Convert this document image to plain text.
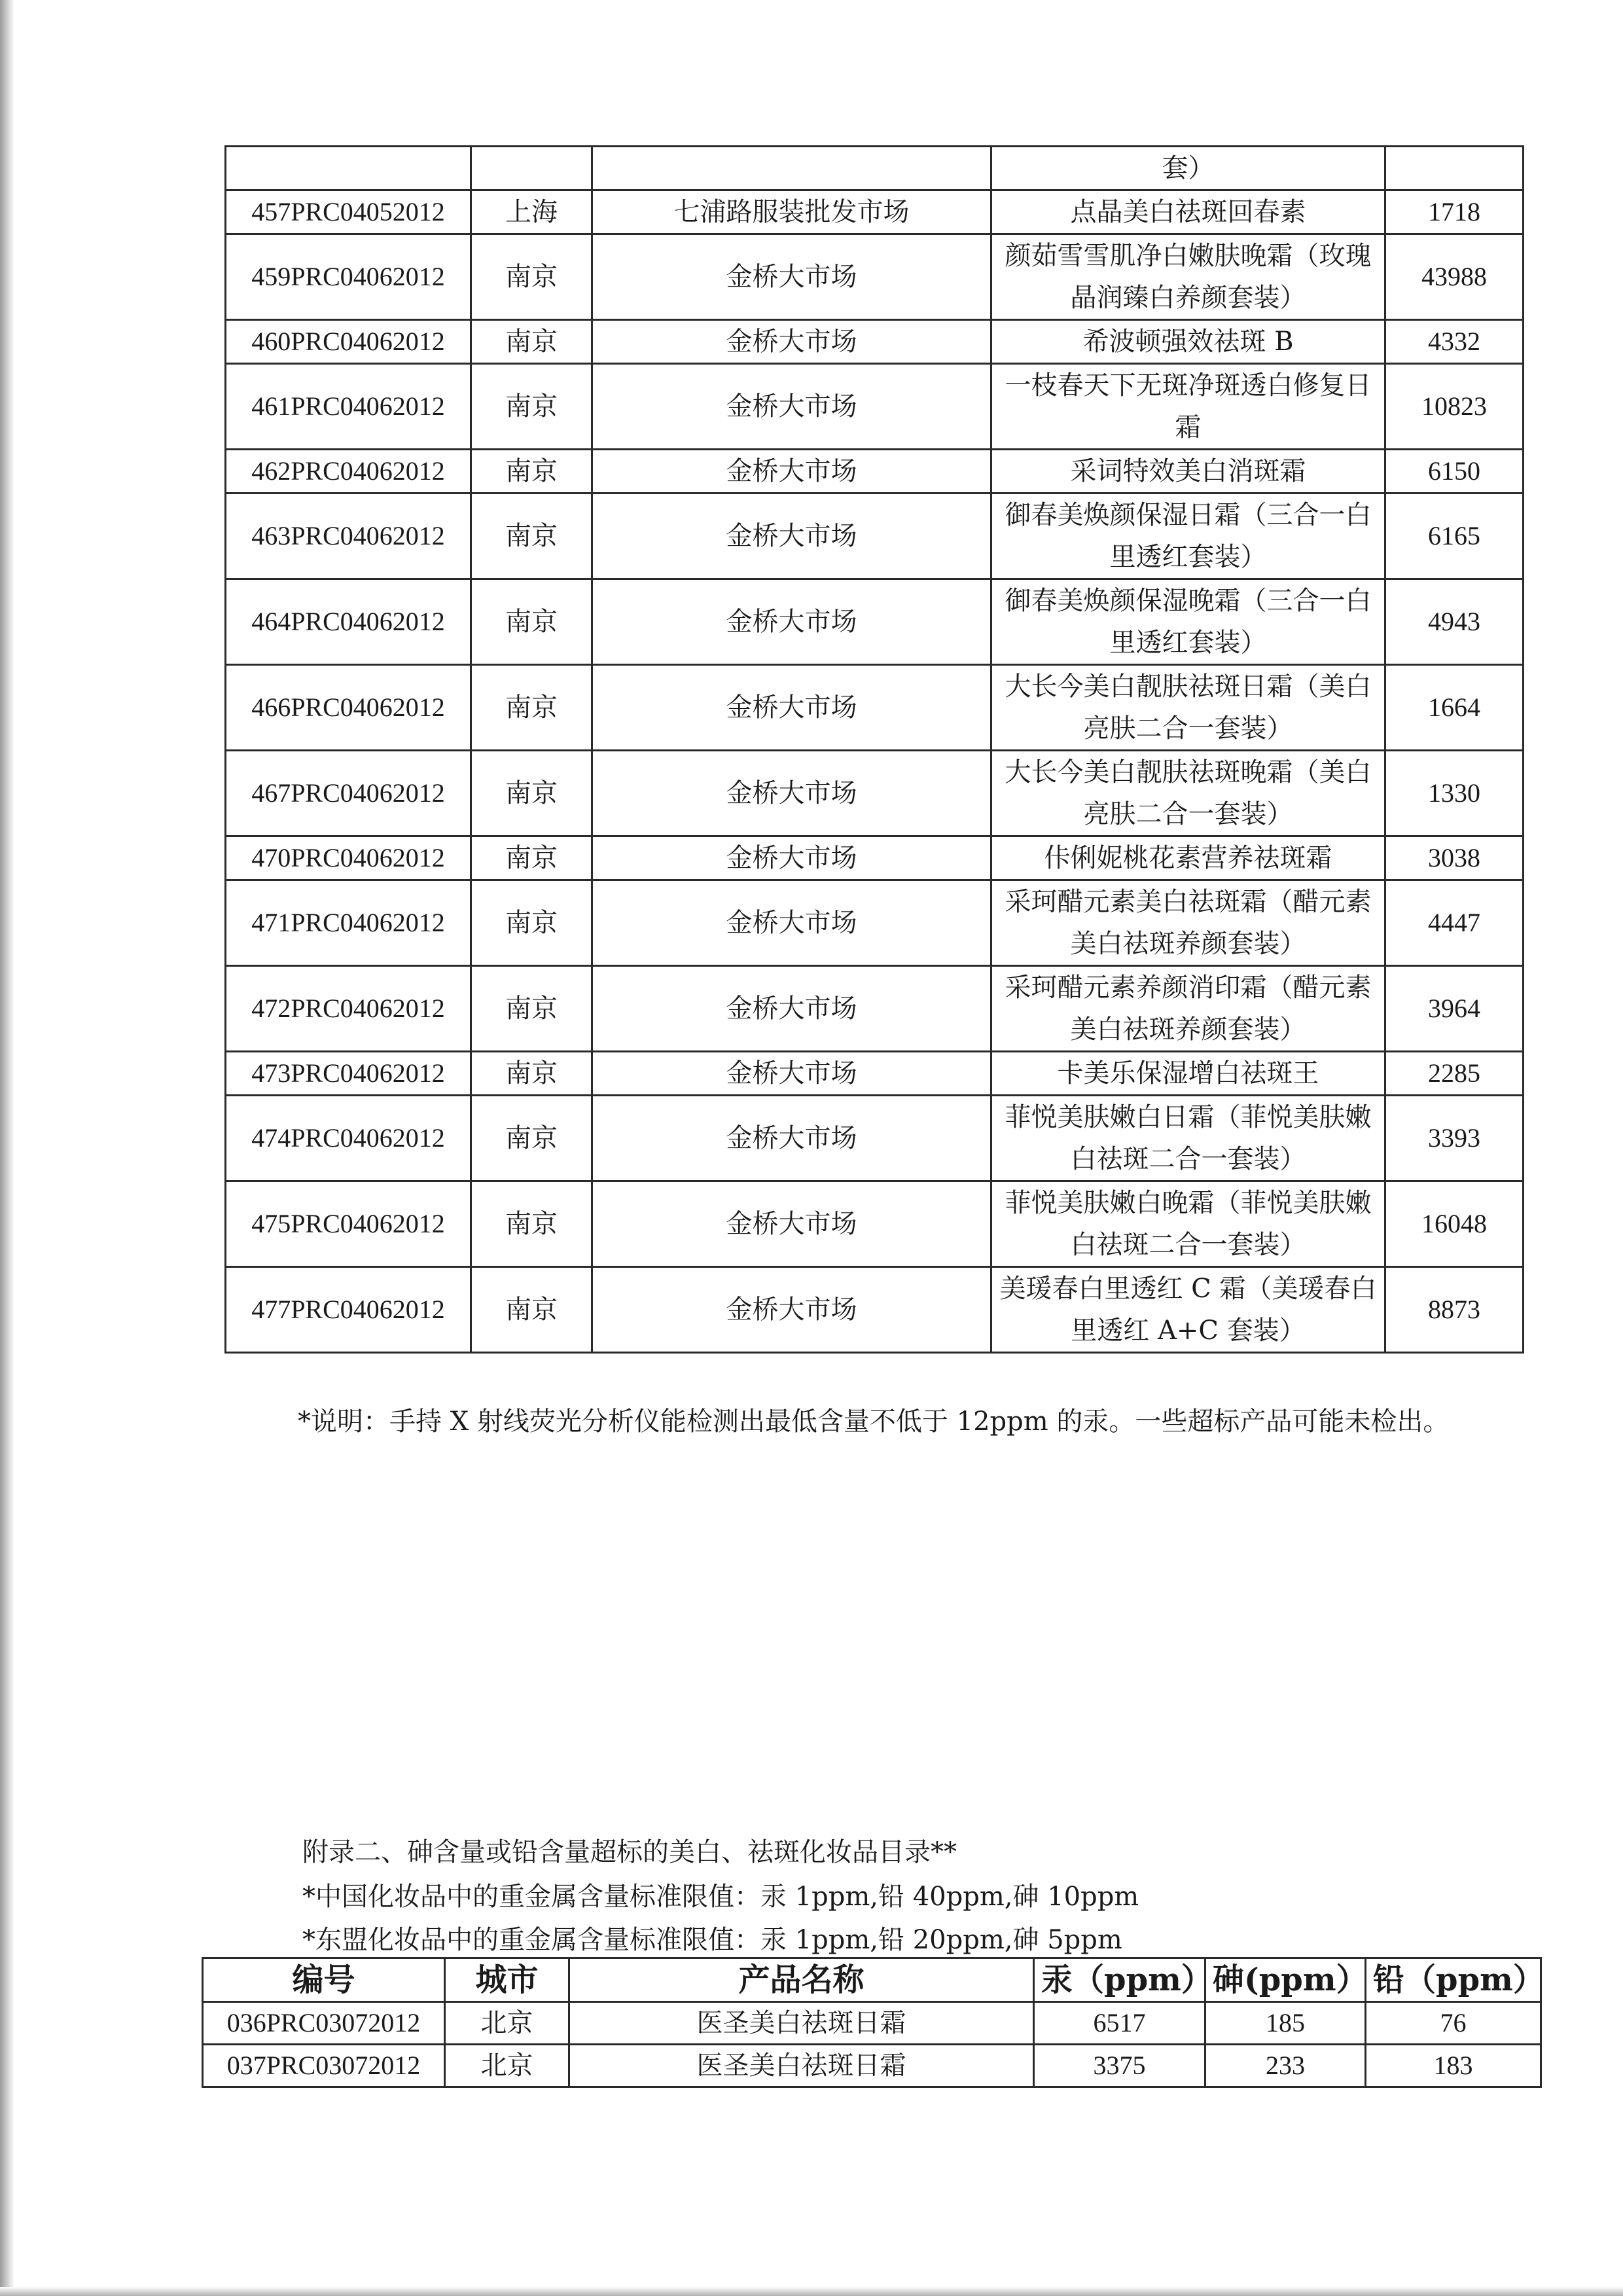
			套）	
457PRC04052012	上海	七浦路服装批发市场	点晶美白祛斑回春素	1718
459PRC04062012	南京	金桥大市场	颜茹雪雪肌净白嫩肤晚霜（玫瑰晶润臻白养颜套装）	43988
460PRC04062012	南京	金桥大市场	希波顿强效祛斑 B	4332
461PRC04062012	南京	金桥大市场	一枝春天下无斑净斑透白修复日霜	10823
462PRC04062012	南京	金桥大市场	采词特效美白消斑霜	6150
463PRC04062012	南京	金桥大市场	御春美焕颜保湿日霜（三合一白里透红套装）	6165
464PRC04062012	南京	金桥大市场	御春美焕颜保湿晚霜（三合一白里透红套装）	4943
466PRC04062012	南京	金桥大市场	大长今美白靓肤祛斑日霜（美白亮肤二合一套装）	1664
467PRC04062012	南京	金桥大市场	大长今美白靓肤祛斑晚霜（美白亮肤二合一套装）	1330
470PRC04062012	南京	金桥大市场	佧俐妮桃花素营养祛斑霜	3038
471PRC04062012	南京	金桥大市场	采珂醋元素美白祛斑霜（醋元素美白祛斑养颜套装）	4447
472PRC04062012	南京	金桥大市场	采珂醋元素养颜消印霜（醋元素美白祛斑养颜套装）	3964
473PRC04062012	南京	金桥大市场	卡美乐保湿增白祛斑王	2285
474PRC04062012	南京	金桥大市场	菲悦美肤嫩白日霜（菲悦美肤嫩白祛斑二合一套装）	3393
475PRC04062012	南京	金桥大市场	菲悦美肤嫩白晚霜（菲悦美肤嫩白祛斑二合一套装）	16048
477PRC04062012	南京	金桥大市场	美瑗春白里透红 C 霜（美瑗春白里透红 A+C 套装）	8873
*说明：手持 X 射线荧光分析仪能检测出最低含量不低于 12ppm 的汞。一些超标产品可能未检出。
附录二、砷含量或铅含量超标的美白、祛斑化妆品目录**
*中国化妆品中的重金属含量标准限值：汞 1ppm,铅 40ppm,砷 10ppm
*东盟化妆品中的重金属含量标准限值：汞 1ppm,铅 20ppm,砷 5ppm
编号	城市	产品名称	汞（ppm）	砷(ppm）	铅（ppm）
036PRC03072012	北京	医圣美白祛斑日霜	6517	185	76
037PRC03072012	北京	医圣美白祛斑日霜	3375	233	183
